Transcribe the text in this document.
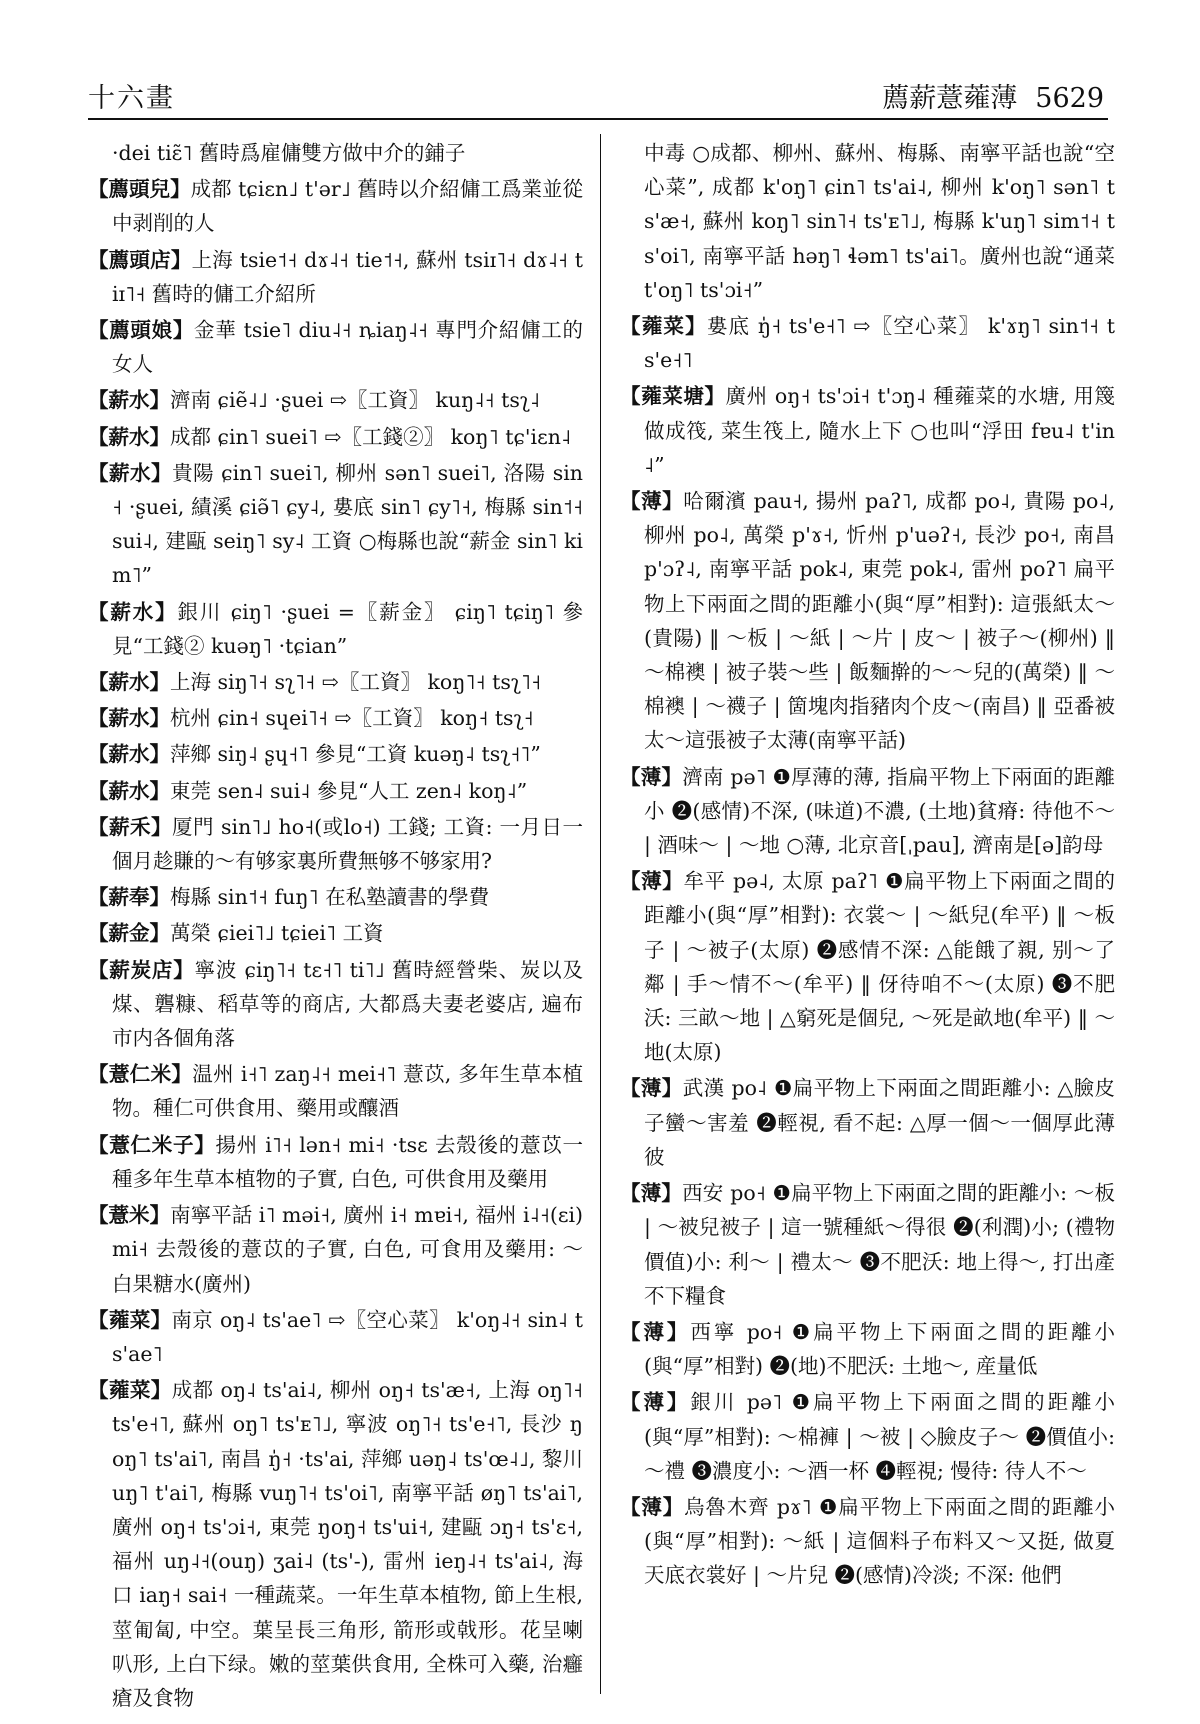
十六畫	薦薪薏蕹薄 5629

·dei tiɛ̃˥ 舊時爲雇傭雙方做中介的鋪子

【薦頭兒】成都 tɕiɛn˩ t'ər˩ 舊時以介紹傭工爲業並從中剥削的人

【薦頭店】上海 tsie˦˧ dɤ˨˧ tie˦˧, 蘇州 tsiɪ˥˧ dɤ˨˧ tiɪ˥˧ 舊時的傭工介紹所

【薦頭娘】金華 tsie˥ diu˨˧ ȵiaŋ˨˧ 專門介紹傭工的女人

【薪水】濟南 ɕiẽ˨˩ ·ʂuei ⇨〖工資〗 kuŋ˨˧ tsʅ˨

【薪水】成都 ɕin˥ suei˥ ⇨〖工錢②〗 koŋ˥ tɕ'iɛn˨

【薪水】貴陽 ɕin˥ suei˥, 柳州 sən˥ suei˥, 洛陽 sin˧ ·ʂuei, 績溪 ɕiə̃˥ ɕy˨, 婁底 sin˥ ɕy˥˧, 梅縣 sin˦˧ sui˨, 建甌 seiŋ˥ sy˨ 工資 ○梅縣也說“薪金 sin˥ kim˥”

【薪水】銀川 ɕiŋ˥ ·ʂuei =〖薪金〗 ɕiŋ˥ tɕiŋ˥ 參見“工錢② kuəŋ˥ ·tɕian”

【薪水】上海 siŋ˥˧ sʅ˥˧ ⇨〖工資〗 koŋ˥˧ tsʅ˥˧

【薪水】杭州 ɕin˧ sɥei˥˧ ⇨〖工資〗 koŋ˧ tsʅ˧

【薪水】萍鄉 siŋ˨ ʂɥ˧˥ 參見“工資 kuəŋ˨ tsʅ˧˥”

【薪水】東莞 sen˨ sui˨ 參見“人工 zen˨ koŋ˨”

【薪禾】厦門 sin˥˩ ho˧(或lo˧) 工錢; 工資: 一月日一個月趁賺的～有够家裏所費無够不够家用?

【薪奉】梅縣 sin˦˧ fuŋ˥ 在私塾讀書的學費

【薪金】萬榮 ɕiei˥˩ tɕiei˥ 工資

【薪炭店】寧波 ɕiŋ˥˧ tɛ˧˥ ti˥˩ 舊時經營柴、炭以及煤、礱糠、稻草等的商店, 大都爲夫妻老婆店, 遍布市内各個角落

【薏仁米】温州 i˧˥ zaŋ˨˧ mei˧˥ 薏苡, 多年生草本植物。種仁可供食用、藥用或釀酒

【薏仁米子】揚州 i˥˧ lən˧ mi˧ ·tsɛ 去殼後的薏苡一種多年生草本植物的子實, 白色, 可供食用及藥用

【薏米】南寧平話 i˥ məi˧, 廣州 i˧ mɐi˧, 福州 i˨˧(ɛi) mi˧ 去殼後的薏苡的子實, 白色, 可食用及藥用: ～白果糖水(廣州)

【蕹菜】南京 oŋ˨ ts'ae˥ ⇨〖空心菜〗 k'oŋ˨˧ sin˨ ts'ae˥

【蕹菜】成都 oŋ˨ ts'ai˨, 柳州 oŋ˧ ts'æ˧, 上海 oŋ˥˧ ts'e˧˥, 蘇州 oŋ˥ ts'ᴇ˥˩, 寧波 oŋ˥˧ ts'e˧˥, 長沙 ŋoŋ˥ ts'ai˥, 南昌 ŋ̍˧ ·ts'ai, 萍鄉 uəŋ˨ ts'œ˨˩, 黎川 uŋ˥ t'ai˥, 梅縣 vuŋ˥˧ ts'oi˥, 南寧平話 øŋ˥ ts'ai˥, 廣州 oŋ˧ ts'ɔi˧, 東莞 ŋoŋ˧ ts'ui˧, 建甌 ɔŋ˧ ts'ɛ˧, 福州 uŋ˨˧(ouŋ) ʒai˨ (ts'-), 雷州 ieŋ˨˧ ts'ai˨, 海口 iaŋ˧ sai˧ 一種蔬菜。一年生草本植物, 節上生根, 莖匍匐, 中空。葉呈長三角形, 箭形或戟形。花呈喇叭形, 上白下绿。嫩的莖葉供食用, 全株可入藥, 治癰瘡及食物

中毒 ○成都、柳州、蘇州、梅縣、南寧平話也說“空心菜”, 成都 k'oŋ˥ ɕin˥ ts'ai˨, 柳州 k'oŋ˥ sən˥ ts'æ˧, 蘇州 koŋ˥ sin˥˧ ts'ᴇ˥˩, 梅縣 k'uŋ˥ sim˦˧ ts'oi˥, 南寧平話 həŋ˥ ɬəm˥ ts'ai˥。廣州也說“通菜 t'oŋ˥ ts'ɔi˧”

【蕹菜】婁底 ŋ̍˧ ts'e˧˥ ⇨〖空心菜〗 k'ɤŋ˥ sin˦˧ ts'e˧˥

【蕹菜塘】廣州 oŋ˧ ts'ɔi˧ t'ɔŋ˨ 種蕹菜的水塘, 用篾做成筏, 菜生筏上, 隨水上下 ○也叫“浮田 fɐu˨ t'in˨”

【薄】哈爾濱 pau˧, 揚州 paʔ˥, 成都 po˨, 貴陽 po˨, 柳州 po˨, 萬榮 p'ɤ˧, 忻州 p'uəʔ˧, 長沙 po˧, 南昌 p'ɔʔ˨, 南寧平話 pok˨, 東莞 pok˨, 雷州 poʔ˥ 扁平物上下兩面之間的距離小(與“厚”相對): 這張紙太～(貴陽) ‖ ～板 | ～紙 | ～片 | 皮～ | 被子～(柳州) ‖ ～棉襖 | 被子裝～些 | 飯麵擀的～～兒的(萬榮) ‖ ～棉襖 | ～襪子 | 箇塊肉指豬肉个皮～(南昌) ‖ 亞番被太～這張被子太薄(南寧平話)

【薄】濟南 pə˥ ❶厚薄的薄, 指扁平物上下兩面的距離小 ❷(感情)不深, (味道)不濃, (土地)貧瘠: 待他不～ | 酒味～ | ～地 ○薄, 北京音[ˌpau], 濟南是[ə]韵母

【薄】牟平 pə˨, 太原 paʔ˥ ❶扁平物上下兩面之間的距離小(與“厚”相對): 衣裳～ | ～紙兒(牟平) ‖ ～板子 | ～被子(太原) ❷感情不深: △能餓了親, 别～了鄰 | 手～情不～(牟平) ‖ 伢待咱不～(太原) ❸不肥沃: 三畝～地 | △窮死是個兒, ～死是畝地(牟平) ‖ ～地(太原)

【薄】武漢 po˨ ❶扁平物上下兩面之間距離小: △臉皮子蠻～害羞 ❷輕視, 看不起: △厚一個～一個厚此薄彼

【薄】西安 po˧ ❶扁平物上下兩面之間的距離小: ～板 | ～被兒被子 | 這一號種紙～得很 ❷(利潤)小; (禮物價值)小: 利～ | 禮太～ ❸不肥沃: 地上得～, 打出產不下糧食

【薄】西寧 po˧ ❶扁平物上下兩面之間的距離小(與“厚”相對) ❷(地)不肥沃: 土地～, 産量低

【薄】銀川 pə˥ ❶扁平物上下兩面之間的距離小(與“厚”相對): ～棉褲 | ～被 | ◇臉皮子～ ❷價值小: ～禮 ❸濃度小: ～酒一杯 ❹輕視; 慢待: 待人不～

【薄】烏魯木齊 pɤ˥ ❶扁平物上下兩面之間的距離小(與“厚”相對): ～紙 | 這個料子布料又～又挺, 做夏天底衣裳好 | ～片兒 ❷(感情)冷淡; 不深: 他們
